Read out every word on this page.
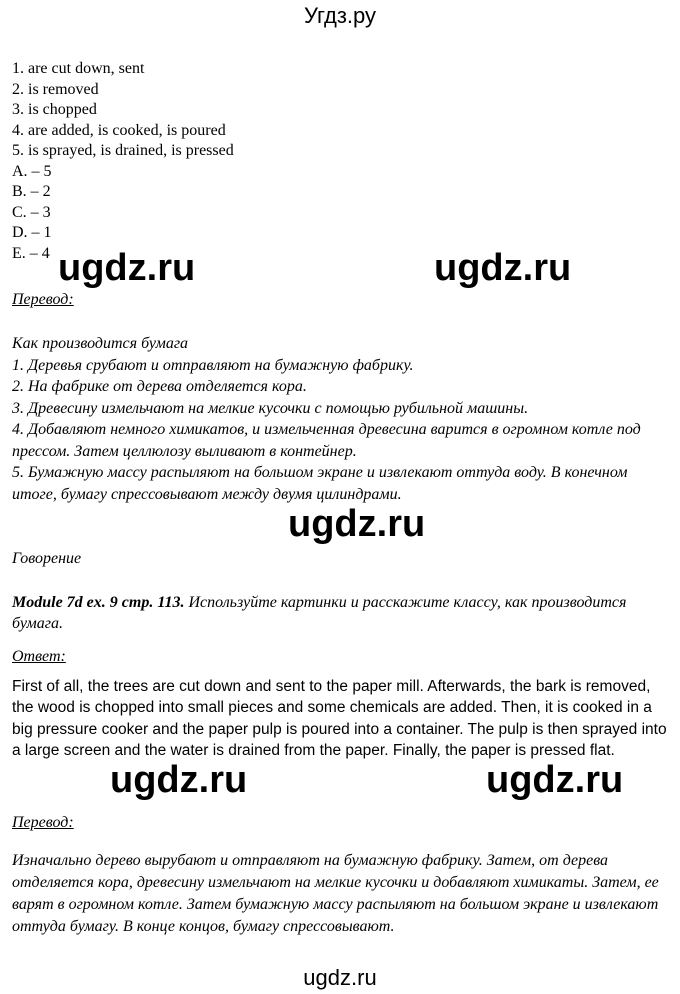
Угдз.ру
1. are cut down, sent
2. is removed
3. is chopped
4. are added, is cooked, is poured
5. is sprayed, is drained, is pressed
A. – 5
B. – 2
C. – 3
D. – 1
E. – 4 ugdz.ru	ugdz.ru
Перевод:
Как производится бумага
1. Деревья срубают и отправляют на бумажную фабрику.
2. На фабрике от дерева отделяется кора.
3. Древесину измельчают на мелкие кусочки с помощью рубильной машины.
4. Добавляют немного химикатов, и измельченная древесина варится в огромном котле под прессом. Затем целлюлозу выливают в контейнер.
5. Бумажную массу распыляют на большом экране и извлекают оттуда воду. В конечном итоге, бумагу спрессовывают между двумя цилиндрами.
ugdz.ru
Говорение
Module 7d ex. 9 стр. 113. Используйте картинки и расскажите классу, как производится бумага.
Ответ:
First of all, the trees are cut down and sent to the paper mill. Afterwards, the bark is removed, the wood is chopped into small pieces and some chemicals are added. Then, it is cooked in a big pressure cooker and the paper pulp is poured into a container. The pulp is then sprayed into a large screen and the water is drained from the paper. Finally, the paper is pressed flat.
ugdz.ru	ugdz.ru
Перевод:
Изначально дерево вырубают и отправляют на бумажную фабрику. Затем, от дерева отделяется кора, древесину измельчают на мелкие кусочки и добавляют химикаты. Затем, ее варят в огромном котле. Затем бумажную массу распыляют на большом экране и извлекают оттуда бумагу. В конце концов, бумагу спрессовывают.
ugdz.ru
